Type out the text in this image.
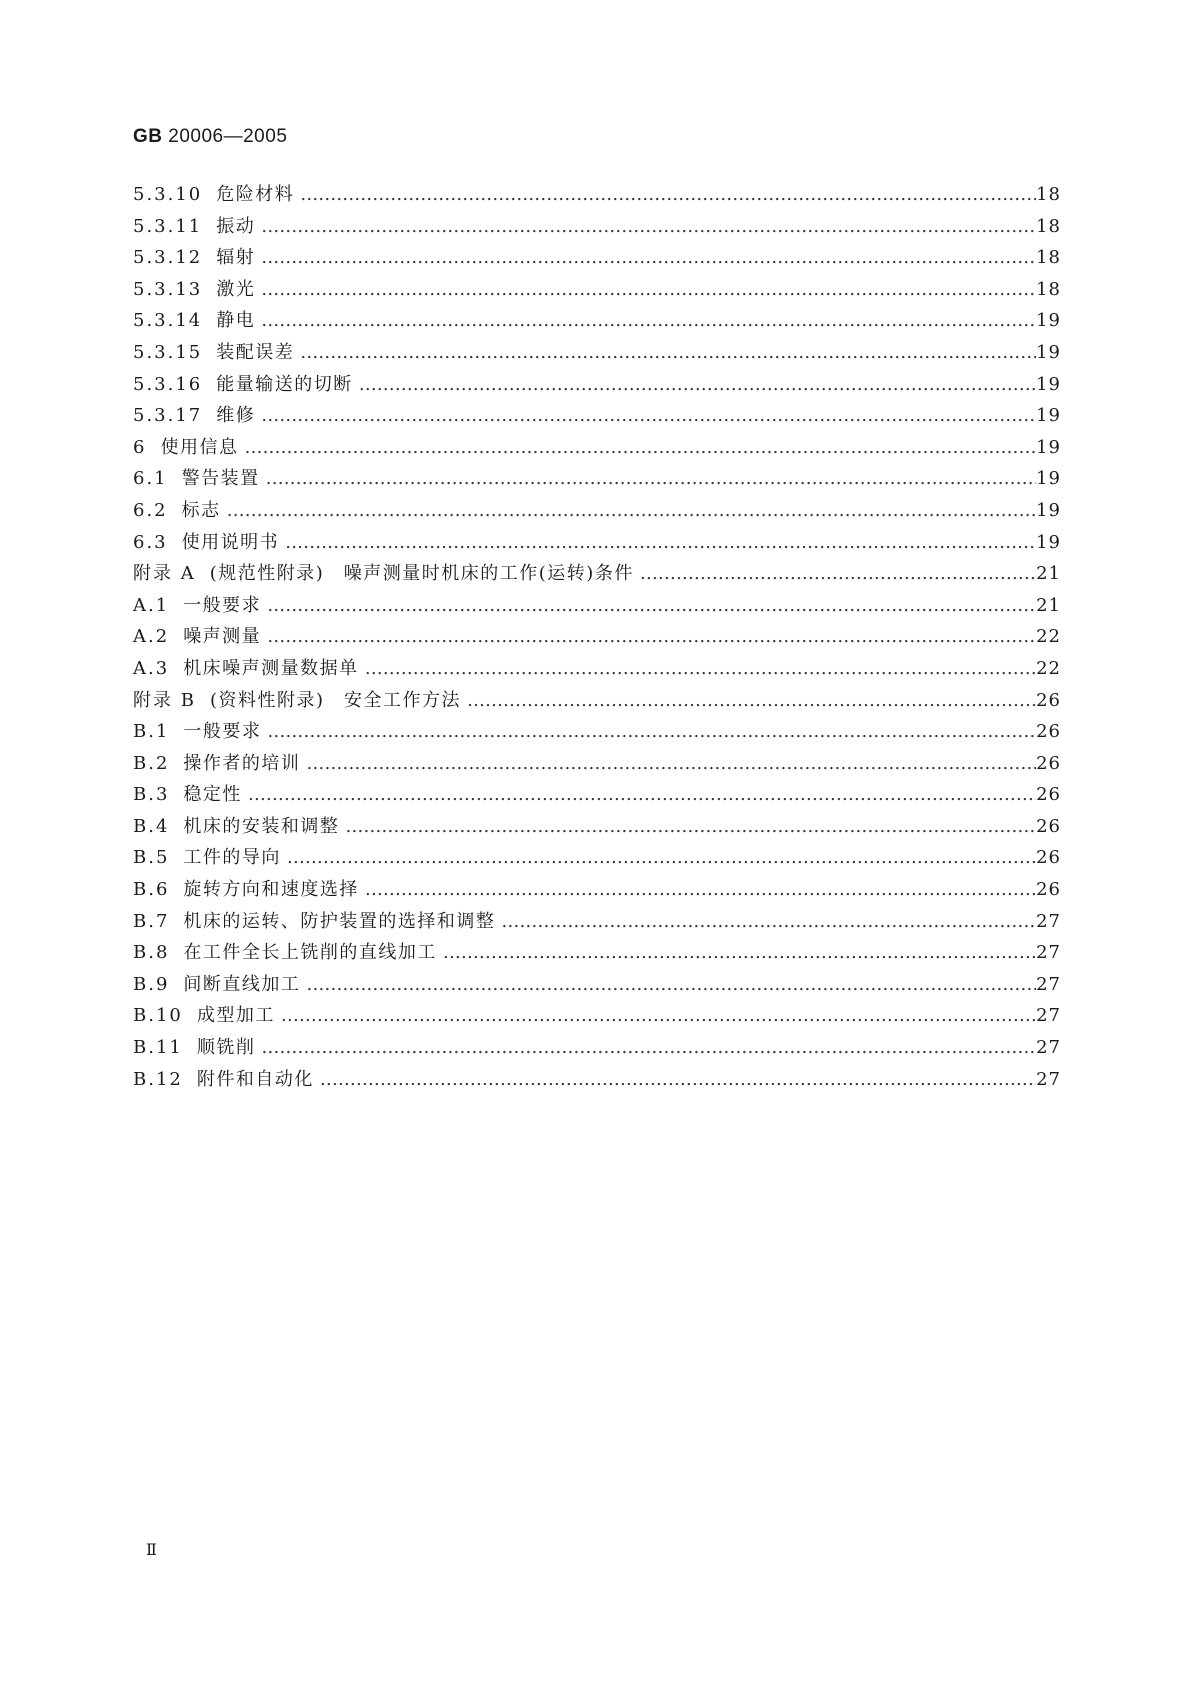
GB 20006—2005
5.3.10 危险材料 ………………………………………………………………………………………………………………………………………………………………………………………………………	18
5.3.11 振动 ………………………………………………………………………………………………………………………………………………………………………………………………………	18
5.3.12 辐射 ………………………………………………………………………………………………………………………………………………………………………………………………………	18
5.3.13 激光 ………………………………………………………………………………………………………………………………………………………………………………………………………	18
5.3.14 静电 ………………………………………………………………………………………………………………………………………………………………………………………………………	19
5.3.15 装配误差 ………………………………………………………………………………………………………………………………………………………………………………………………………	19
5.3.16 能量输送的切断 ………………………………………………………………………………………………………………………………………………………………………………………………………	19
5.3.17 维修 ………………………………………………………………………………………………………………………………………………………………………………………………………	19
6 使用信息 ………………………………………………………………………………………………………………………………………………………………………………………………………	19
6.1 警告装置 ………………………………………………………………………………………………………………………………………………………………………………………………………	19
6.2 标志 ………………………………………………………………………………………………………………………………………………………………………………………………………	19
6.3 使用说明书 ………………………………………………………………………………………………………………………………………………………………………………………………………	19
附录 A (规范性附录)　噪声测量时机床的工作(运转)条件 ………………………………………………………………………………………………………………………………………………………………………………………………………	21
A.1 一般要求 ………………………………………………………………………………………………………………………………………………………………………………………………………	21
A.2 噪声测量 ………………………………………………………………………………………………………………………………………………………………………………………………………	22
A.3 机床噪声测量数据单 ………………………………………………………………………………………………………………………………………………………………………………………………………	22
附录 B (资料性附录)　安全工作方法 ………………………………………………………………………………………………………………………………………………………………………………………………………	26
B.1 一般要求 ………………………………………………………………………………………………………………………………………………………………………………………………………	26
B.2 操作者的培训 ………………………………………………………………………………………………………………………………………………………………………………………………………	26
B.3 稳定性 ………………………………………………………………………………………………………………………………………………………………………………………………………	26
B.4 机床的安装和调整 ………………………………………………………………………………………………………………………………………………………………………………………………………	26
B.5 工件的导向 ………………………………………………………………………………………………………………………………………………………………………………………………………	26
B.6 旋转方向和速度选择 ………………………………………………………………………………………………………………………………………………………………………………………………………	26
B.7 机床的运转、防护装置的选择和调整 ………………………………………………………………………………………………………………………………………………………………………………………………………	27
B.8 在工件全长上铣削的直线加工 ………………………………………………………………………………………………………………………………………………………………………………………………………	27
B.9 间断直线加工 ………………………………………………………………………………………………………………………………………………………………………………………………………	27
B.10 成型加工 ………………………………………………………………………………………………………………………………………………………………………………………………………	27
B.11 顺铣削 ………………………………………………………………………………………………………………………………………………………………………………………………………	27
B.12 附件和自动化 ………………………………………………………………………………………………………………………………………………………………………………………………………	27
Ⅱ
